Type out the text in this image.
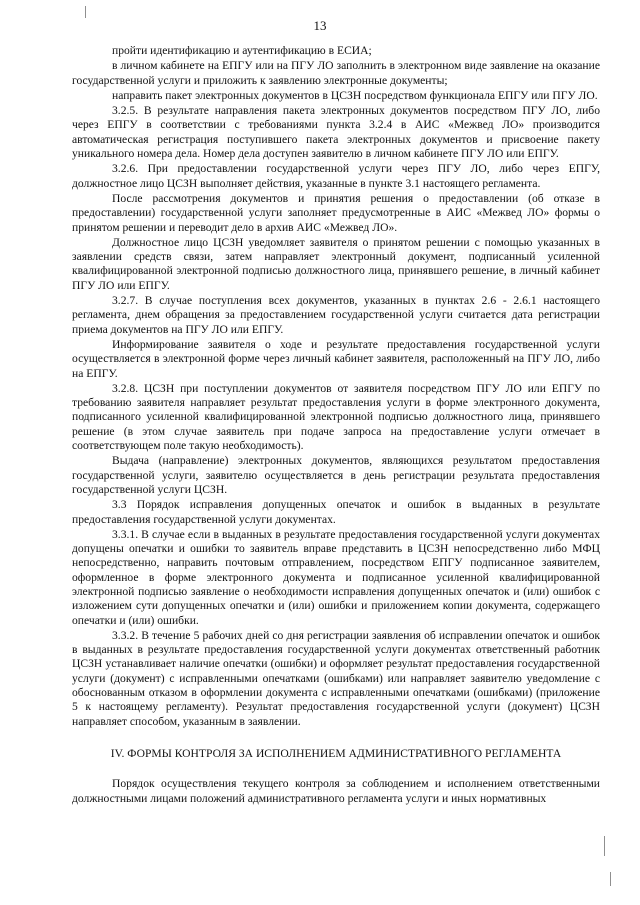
13

пройти идентификацию и аутентификацию в ЕСИА;

в личном кабинете на ЕПГУ или на ПГУ ЛО заполнить в электронном виде заявление на оказание государственной услуги и приложить к заявлению электронные документы;

направить пакет электронных документов в ЦСЗН посредством функционала ЕПГУ или ПГУ ЛО.

3.2.5. В результате направления пакета электронных документов посредством ПГУ ЛО, либо через ЕПГУ в соответствии с требованиями пункта 3.2.4 в АИС «Межвед ЛО» производится автоматическая регистрация поступившего пакета электронных документов и присвоение пакету уникального номера дела. Номер дела доступен заявителю в личном кабинете ПГУ ЛО или ЕПГУ.

3.2.6. При предоставлении государственной услуги через ПГУ ЛО, либо через ЕПГУ, должностное лицо ЦСЗН выполняет действия, указанные в пункте 3.1 настоящего регламента.

После рассмотрения документов и принятия решения о предоставлении (об отказе в предоставлении) государственной услуги заполняет предусмотренные в АИС «Межвед ЛО» формы о принятом решении и переводит дело в архив АИС «Межвед ЛО».

Должностное лицо ЦСЗН уведомляет заявителя о принятом решении с помощью указанных в заявлении средств связи, затем направляет электронный документ, подписанный усиленной квалифицированной электронной подписью должностного лица, принявшего решение, в личный кабинет ПГУ ЛО или ЕПГУ.

3.2.7. В случае поступления всех документов, указанных в пунктах 2.6 - 2.6.1 настоящего регламента, днем обращения за предоставлением государственной услуги считается дата регистрации приема документов на ПГУ ЛО или ЕПГУ.

Информирование заявителя о ходе и результате предоставления государственной услуги осуществляется в электронной форме через личный кабинет заявителя, расположенный на ПГУ ЛО, либо на ЕПГУ.

3.2.8. ЦСЗН при поступлении документов от заявителя посредством ПГУ ЛО или ЕПГУ по требованию заявителя направляет результат предоставления услуги в форме электронного документа, подписанного усиленной квалифицированной электронной подписью должностного лица, принявшего решение (в этом случае заявитель при подаче запроса на предоставление услуги отмечает в соответствующем поле такую необходимость).

Выдача (направление) электронных документов, являющихся результатом предоставления государственной услуги, заявителю осуществляется в день регистрации результата предоставления государственной услуги ЦСЗН.

3.3 Порядок исправления допущенных опечаток и ошибок в выданных в результате предоставления государственной услуги документах.

3.3.1. В случае если в выданных в результате предоставления государственной услуги документах допущены опечатки и ошибки то заявитель вправе представить в ЦСЗН непосредственно либо МФЦ непосредственно, направить почтовым отправлением, посредством ЕПГУ подписанное заявителем, оформленное в форме электронного документа и подписанное усиленной квалифицированной электронной подписью заявление о необходимости исправления допущенных опечаток и (или) ошибок с изложением сути допущенных опечатки и (или) ошибки и приложением копии документа, содержащего опечатки и (или) ошибки.

3.3.2. В течение 5 рабочих дней со дня регистрации заявления об исправлении опечаток и ошибок в выданных в результате предоставления государственной услуги документах ответственный работник ЦСЗН устанавливает наличие опечатки (ошибки) и оформляет результат предоставления государственной услуги (документ) с исправленными опечатками (ошибками) или направляет заявителю уведомление с обоснованным отказом в оформлении документа с исправленными опечатками (ошибками) (приложение 5 к настоящему регламенту). Результат предоставления государственной услуги (документ) ЦСЗН направляет способом, указанным в заявлении.

IV. ФОРМЫ КОНТРОЛЯ ЗА ИСПОЛНЕНИЕМ АДМИНИСТРАТИВНОГО РЕГЛАМЕНТА

Порядок осуществления текущего контроля за соблюдением и исполнением ответственными должностными лицами положений административного регламента услуги и иных нормативных
